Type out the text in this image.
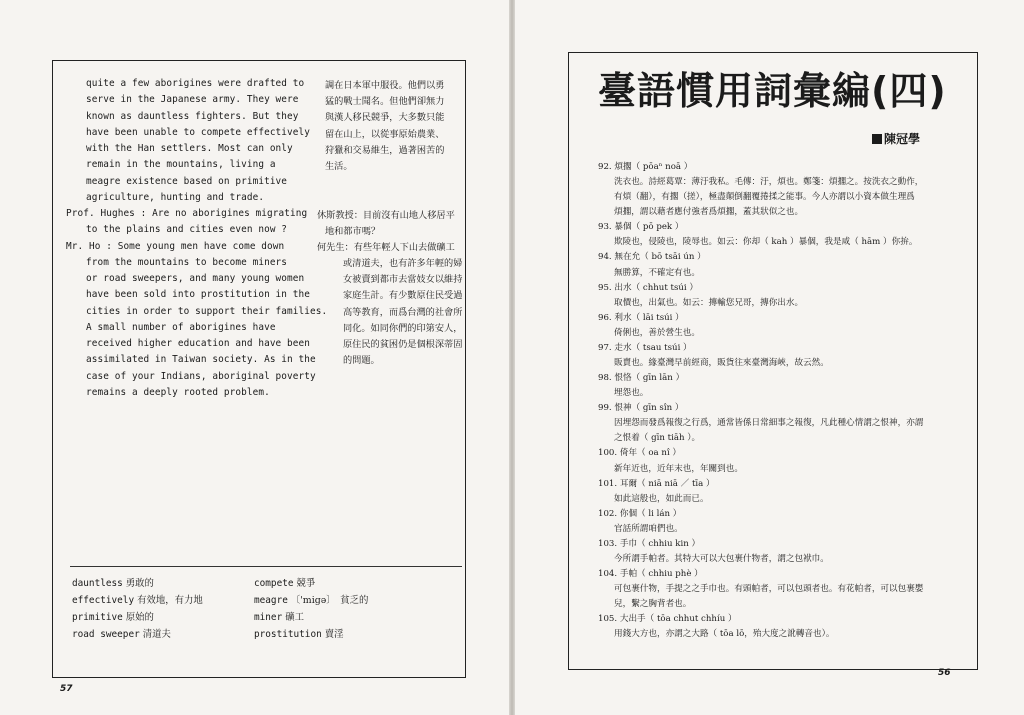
quite a few aborigines were drafted to
serve in the Japanese army. They were
known as dauntless fighters. But they
have been unable to compete effectively
with the Han settlers. Most can only
remain in the mountains, living a
meagre existence based on primitive
agriculture, hunting and trade.
Prof. Hughes : Are no aborigines migrating
to the plains and cities even now ?
Mr. Ho : Some young men have come down
from the mountains to become miners
or road sweepers, and many young women
have been sold into prostitution in the
cities in order to support their families.
A small number of aborigines have
received higher education and have been
assimilated in Taiwan society. As in the
case of your Indians, aboriginal poverty
remains a deeply rooted problem.
調在日本軍中服役。他們以勇
猛的戰士聞名。但他們卻無力
與漢人移民競爭，大多數只能
留在山上，以從事原始農業、
狩獵和交易維生，過著困苦的
生活。
休斯教授：目前沒有山地人移居平
地和都市嗎？
何先生：有些年輕人下山去做礦工
或清道夫，也有許多年輕的婦
女被賣到都市去當妓女以維持
家庭生計。有少數原住民受過
高等教育，而爲台灣的社會所
同化。如同你們的印第安人，
原住民的貧困仍是個根深蒂固
的問題。
dauntless 勇敢的
effectively 有效地，有力地
primitive 原始的
road sweeper 清道夫
compete 競爭
meagre 〔'migə〕　貧乏的
miner 礦工
prostitution 賣淫
57
臺語慣用詞彙編(四)
陳冠學
92. 煩擱（ pōaⁿ noā ）
洗衣也。詩經葛覃：薄汙我私。毛傳：汙，煩也。鄭箋：煩擱之。按洗衣之動作，
有煩（翻），有擱（搓），極盡顛倒翻覆捲揉之能事。今人亦謂以小資本做生理爲
煩擱，謂以藉者應付強者爲煩擱，蓋其狀似之也。
93. 暴個（ pō pek ）
欺陵也，侵陵也，陵辱也。如云：你却（ kah ）暴個，我是咸（ hām ）你拚。
94. 無在允（ bō tsāi ún ）
無勝算，不確定有也。
95. 出水（ chhut tsúi ）
取價也，出氣也。如云：摶輸您兄哥，摶你出水。
96. 利水（ lāi tsúi ）
倚俐也，善於營生也。
97. 走水（ tsau tsúi ）
販賣也。緣臺灣早前經商，販貨往來臺灣海峽，故云然。
98. 恨恪（ gīn lān ）
埋怨也。
99. 恨神（ gīn sîn ）
因埋怨而發爲報復之行爲，通常皆係日常細事之報復，凡此種心情謂之恨神，亦謂
之恨着（ gīn tiāh ）。
100. 倚年（ oa nî ）
新年近也，近年末也，年關到也。
101. 耳爾（ niā niā ／ tīa ）
如此這般也，如此而已。
102. 你個（ li lán ）
官話所謂咱們也。
103. 手巾（ chhiu kin ）
今所謂手帕者。其特大可以大包裹什物者，謂之包袱巾。
104. 手帕（ chhiu phè ）
可包裹什物，手提之之手巾也。有頭帕者，可以包頭者也。有花帕者，可以包裹嬰
兒，繫之胸背者也。
105. 大出手（ tōa chhut chhíu ）
用錢大方也，亦謂之大路（ tōa lō，殆大度之訛轉音也）。
56
